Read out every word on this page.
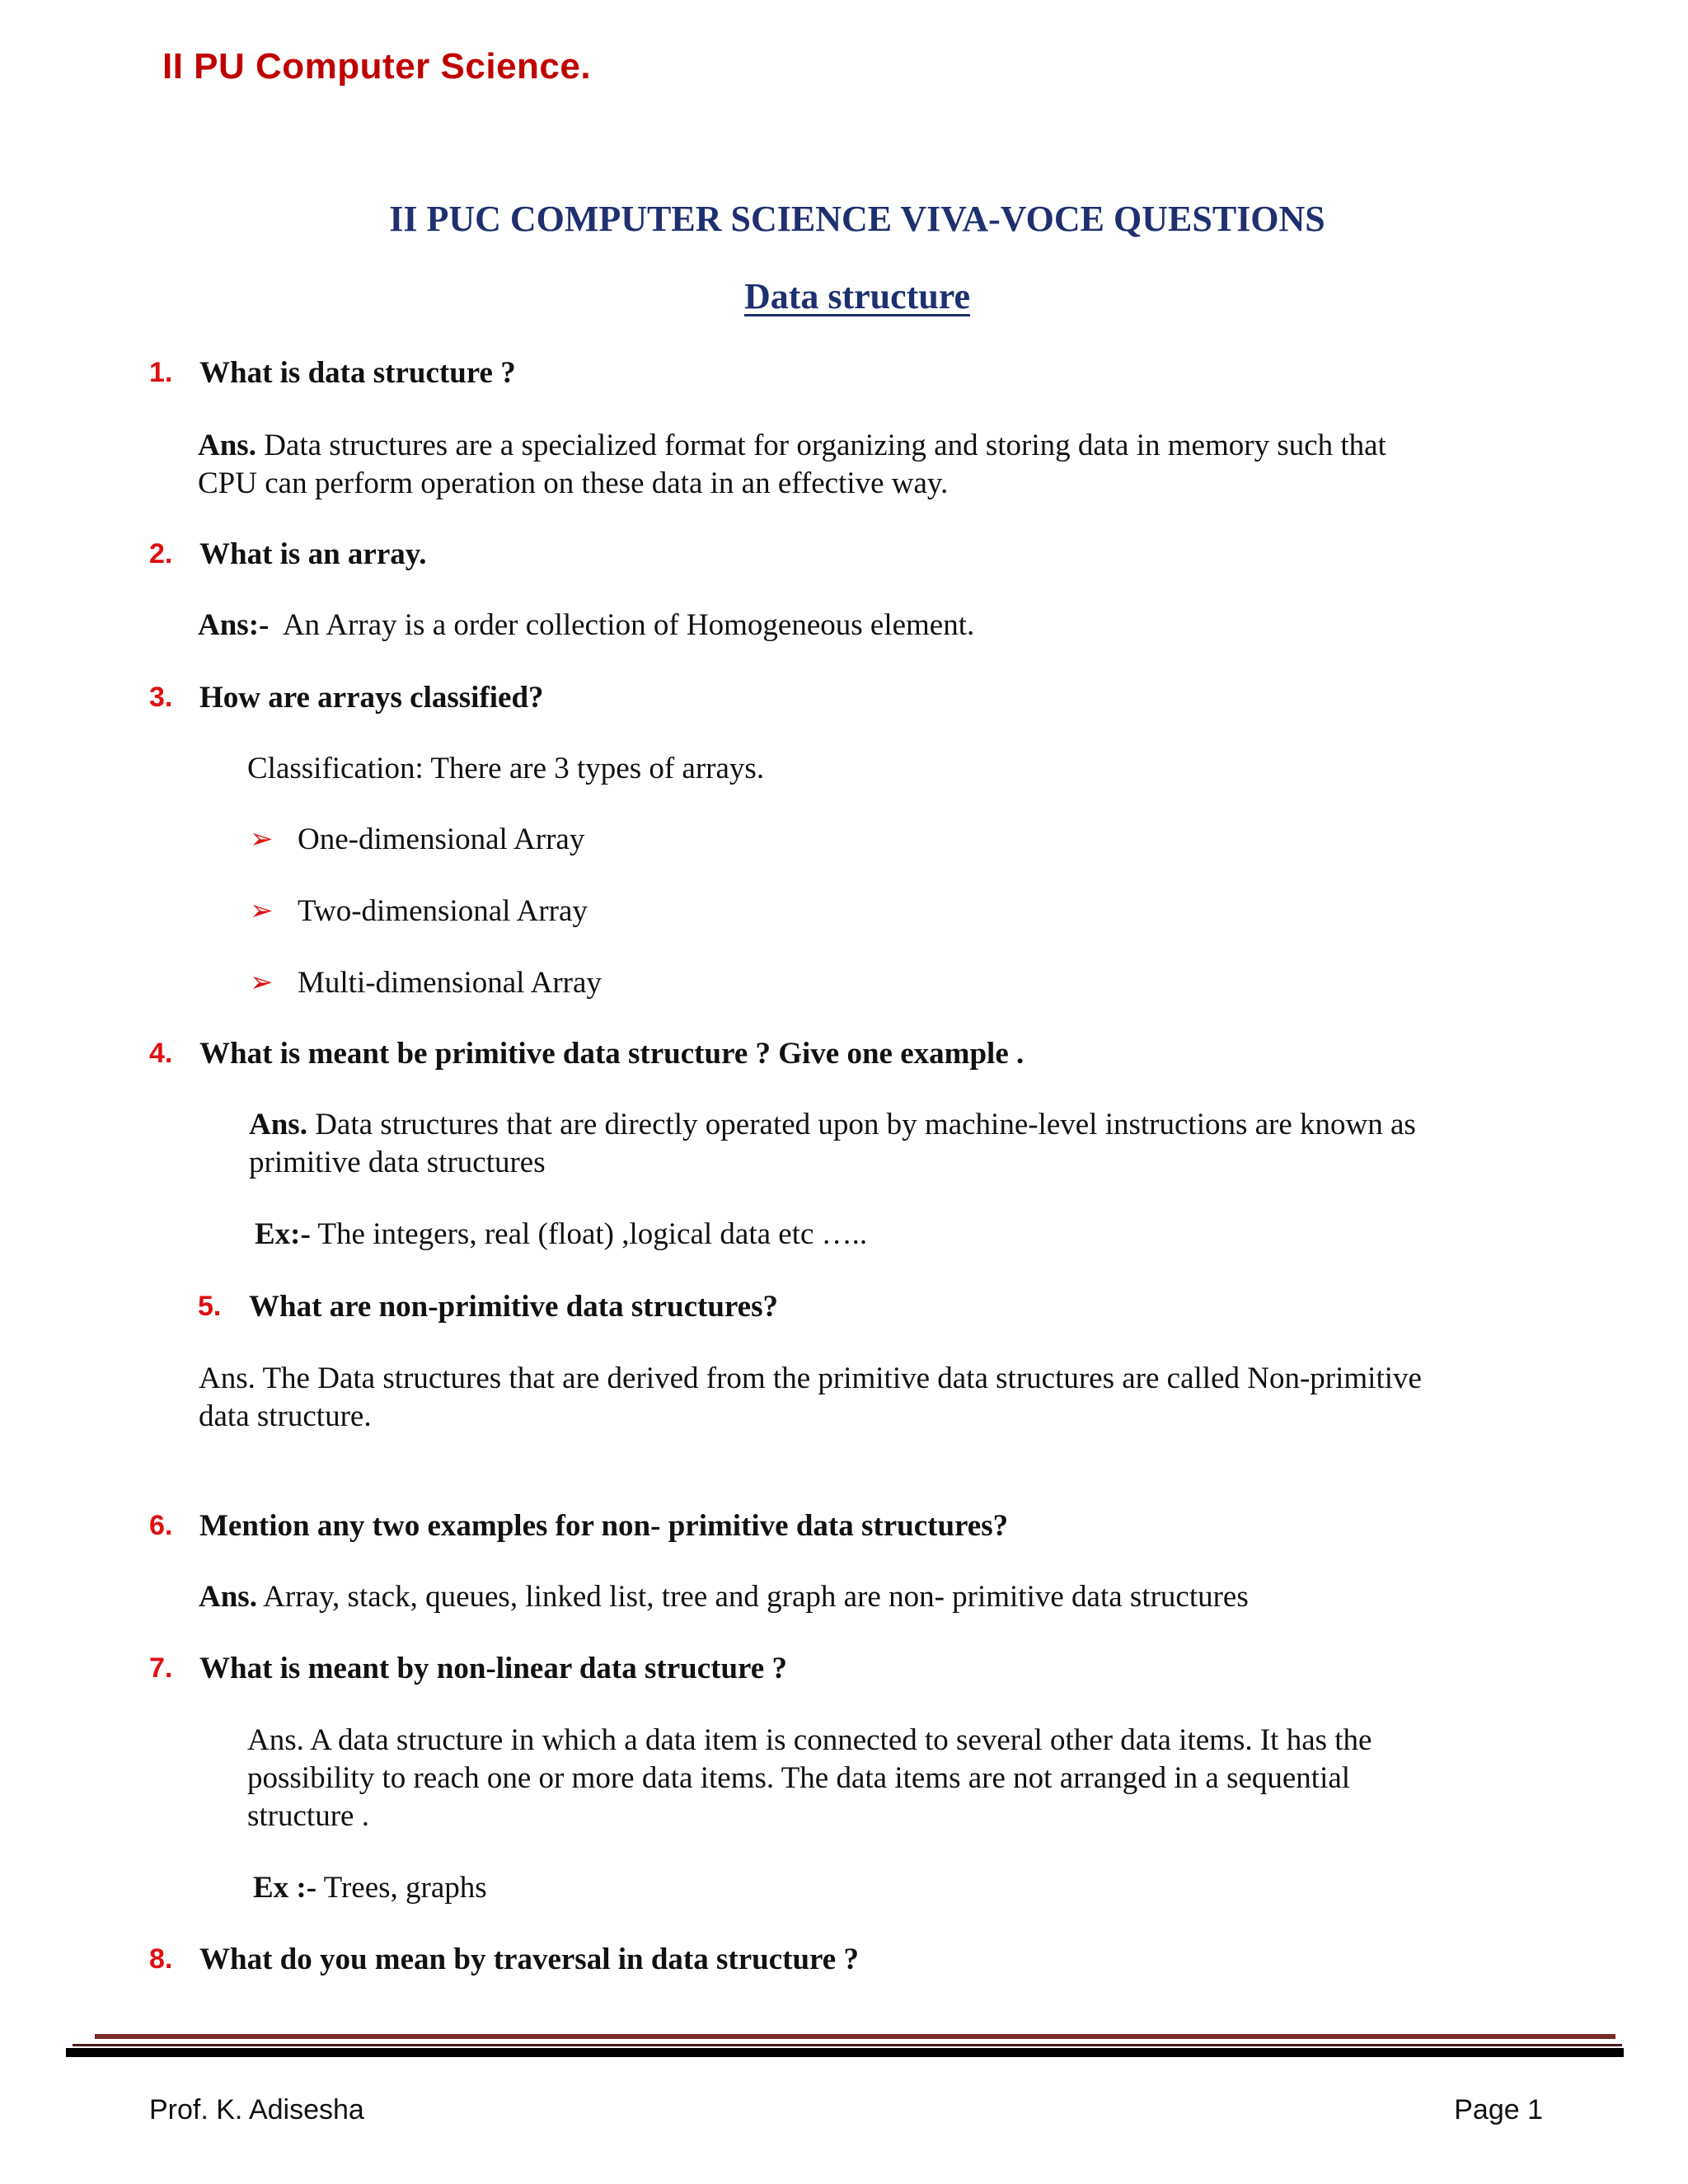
II PU Computer Science.
II PUC COMPUTER SCIENCE VIVA-VOCE QUESTIONS
Data structure
1. What is data structure ?
Ans. Data structures are a specialized format for organizing and storing data in memory such that
CPU can perform operation on these data in an effective way.
2. What is an array.
Ans:- An Array is a order collection of Homogeneous element.
3. How are arrays classified?
Classification: There are 3 types of arrays.
➢ One-dimensional Array
➢ Two-dimensional Array
➢ Multi-dimensional Array
4. What is meant be primitive data structure ? Give one example .
Ans. Data structures that are directly operated upon by machine-level instructions are known as
primitive data structures
Ex:- The integers, real (float) ,logical data etc …..
5. What are non-primitive data structures?
Ans. The Data structures that are derived from the primitive data structures are called Non-primitive
data structure.
6. Mention any two examples for non- primitive data structures?
Ans. Array, stack, queues, linked list, tree and graph are non- primitive data structures
7. What is meant by non-linear data structure ?
Ans. A data structure in which a data item is connected to several other data items. It has the
possibility to reach one or more data items. The data items are not arranged in a sequential
structure .
Ex :- Trees, graphs
8. What do you mean by traversal in data structure ?
Prof. K. Adisesha	Page 1
